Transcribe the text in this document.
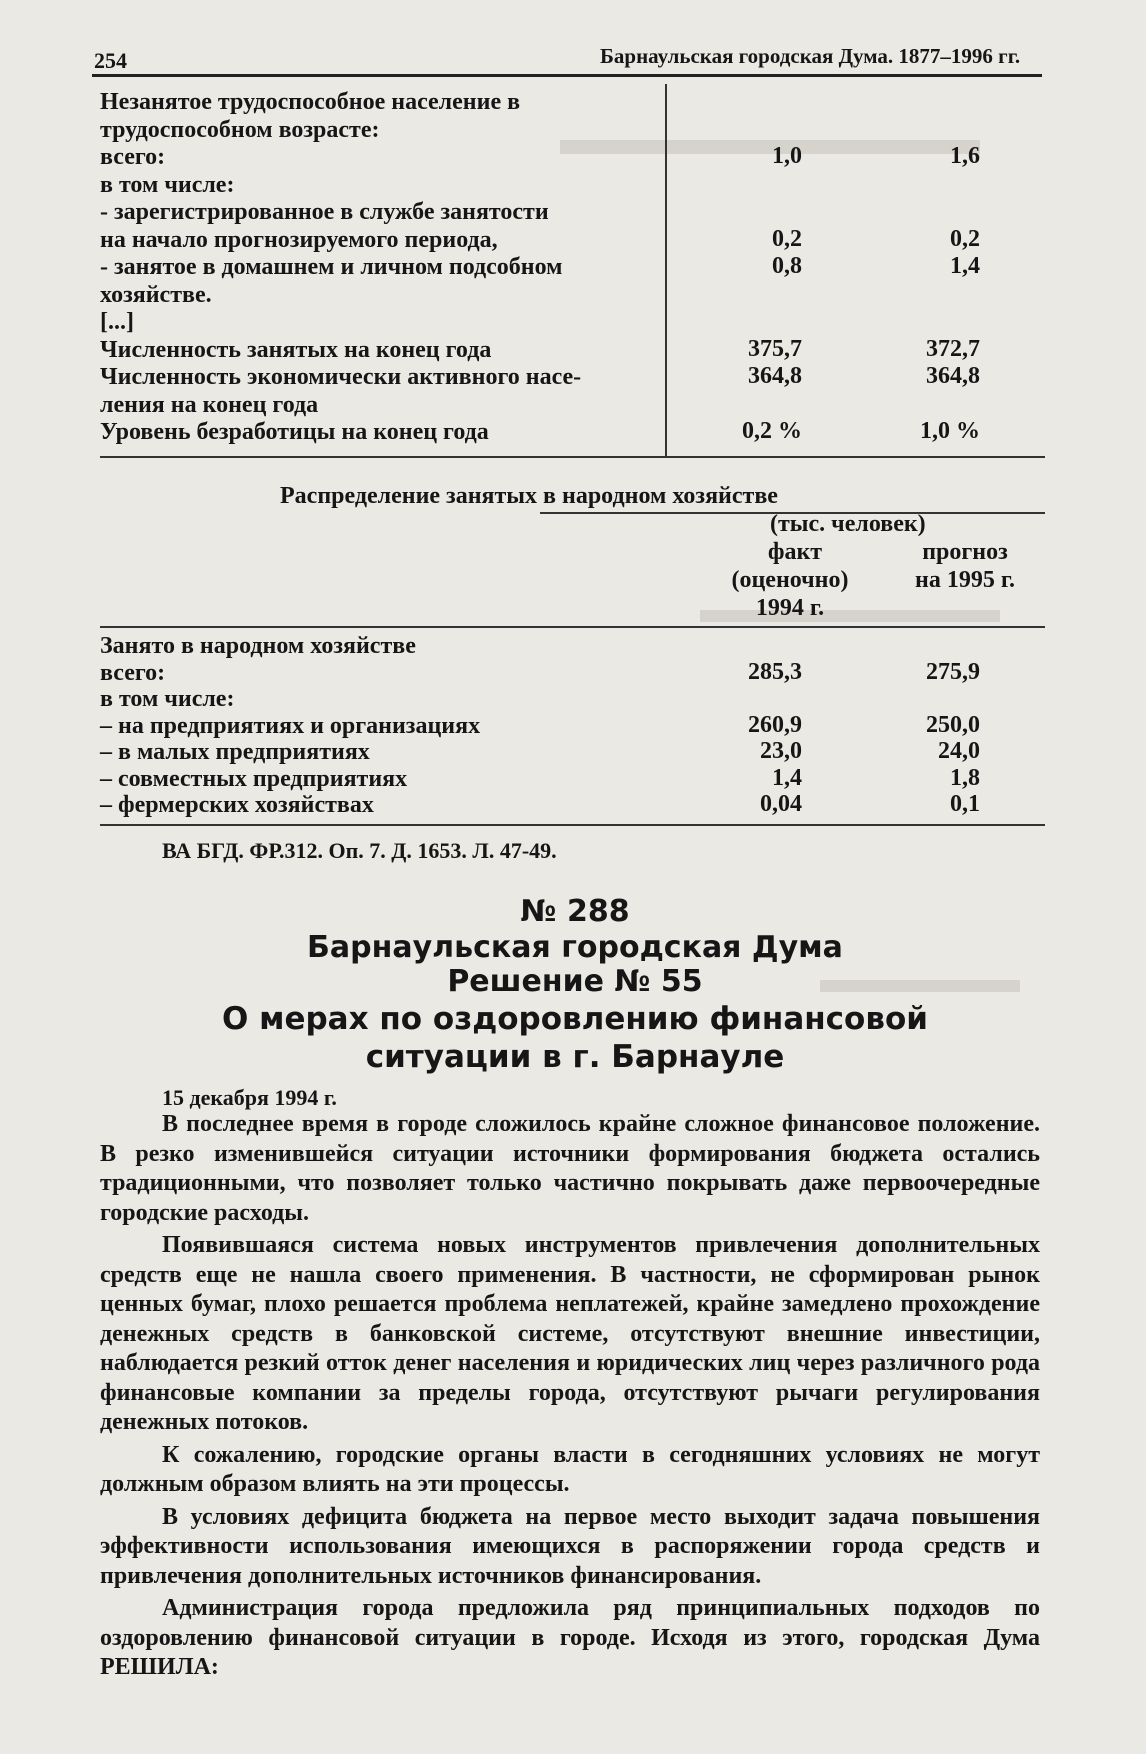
254	Барнаульская городская Дума. 1877–1996 гг.
Незанятое трудоспособное население в
трудоспособном возрасте:
всего:	1,0	1,6
в том числе:
- зарегистрированное в службе занятости
на начало прогнозируемого периода,	0,2	0,2
- занятое в домашнем и личном подсобном	0,8	1,4
хозяйстве.
[...]
Численность занятых на конец года	375,7	372,7
Численность экономически активного насе-	364,8	364,8
ления на конец года
Уровень безработицы на конец года	0,2 %	1,0 %
Распределение занятых в народном хозяйстве
(тыс. человек)
факт
(оценочно)
1994 г.
прогноз
на 1995 г.
Занято в народном хозяйстве
всего:	285,3	275,9
в том числе:
– на предприятиях и организациях	260,9	250,0
– в малых предприятиях	23,0	24,0
– совместных предприятиях	1,4	1,8
– фермерских хозяйствах	0,04	0,1
ВА БГД. ФР.312. Оп. 7. Д. 1653. Л. 47-49.
№ 288
Барнаульская городская Дума
Решение № 55
О мерах по оздоровлению финансовой
ситуации в г. Барнауле
15 декабря 1994 г.

В последнее время в городе сложилось крайне сложное финансовое положение. В резко изменившейся ситуации источники формирования бюджета остались традиционными, что позволяет только частично покрывать даже первоочередные городские расходы.

Появившаяся система новых инструментов привлечения дополнительных средств еще не нашла своего применения. В частности, не сформирован рынок ценных бумаг, плохо решается проблема неплатежей, крайне замедлено прохождение денежных средств в банковской системе, отсутствуют внешние инвестиции, наблюдается резкий отток денег населения и юридических лиц через различного рода финансовые компании за пределы города, отсутствуют рычаги регулирования денежных потоков.

К сожалению, городские органы власти в сегодняшних условиях не могут должным образом влиять на эти процессы.

В условиях дефицита бюджета на первое место выходит задача повышения эффективности использования имеющихся в распоряжении города средств и привлечения дополнительных источников финансирования.

Администрация города предложила ряд принципиальных подходов по оздоровлению финансовой ситуации в городе. Исходя из этого, городская Дума РЕШИЛА:
